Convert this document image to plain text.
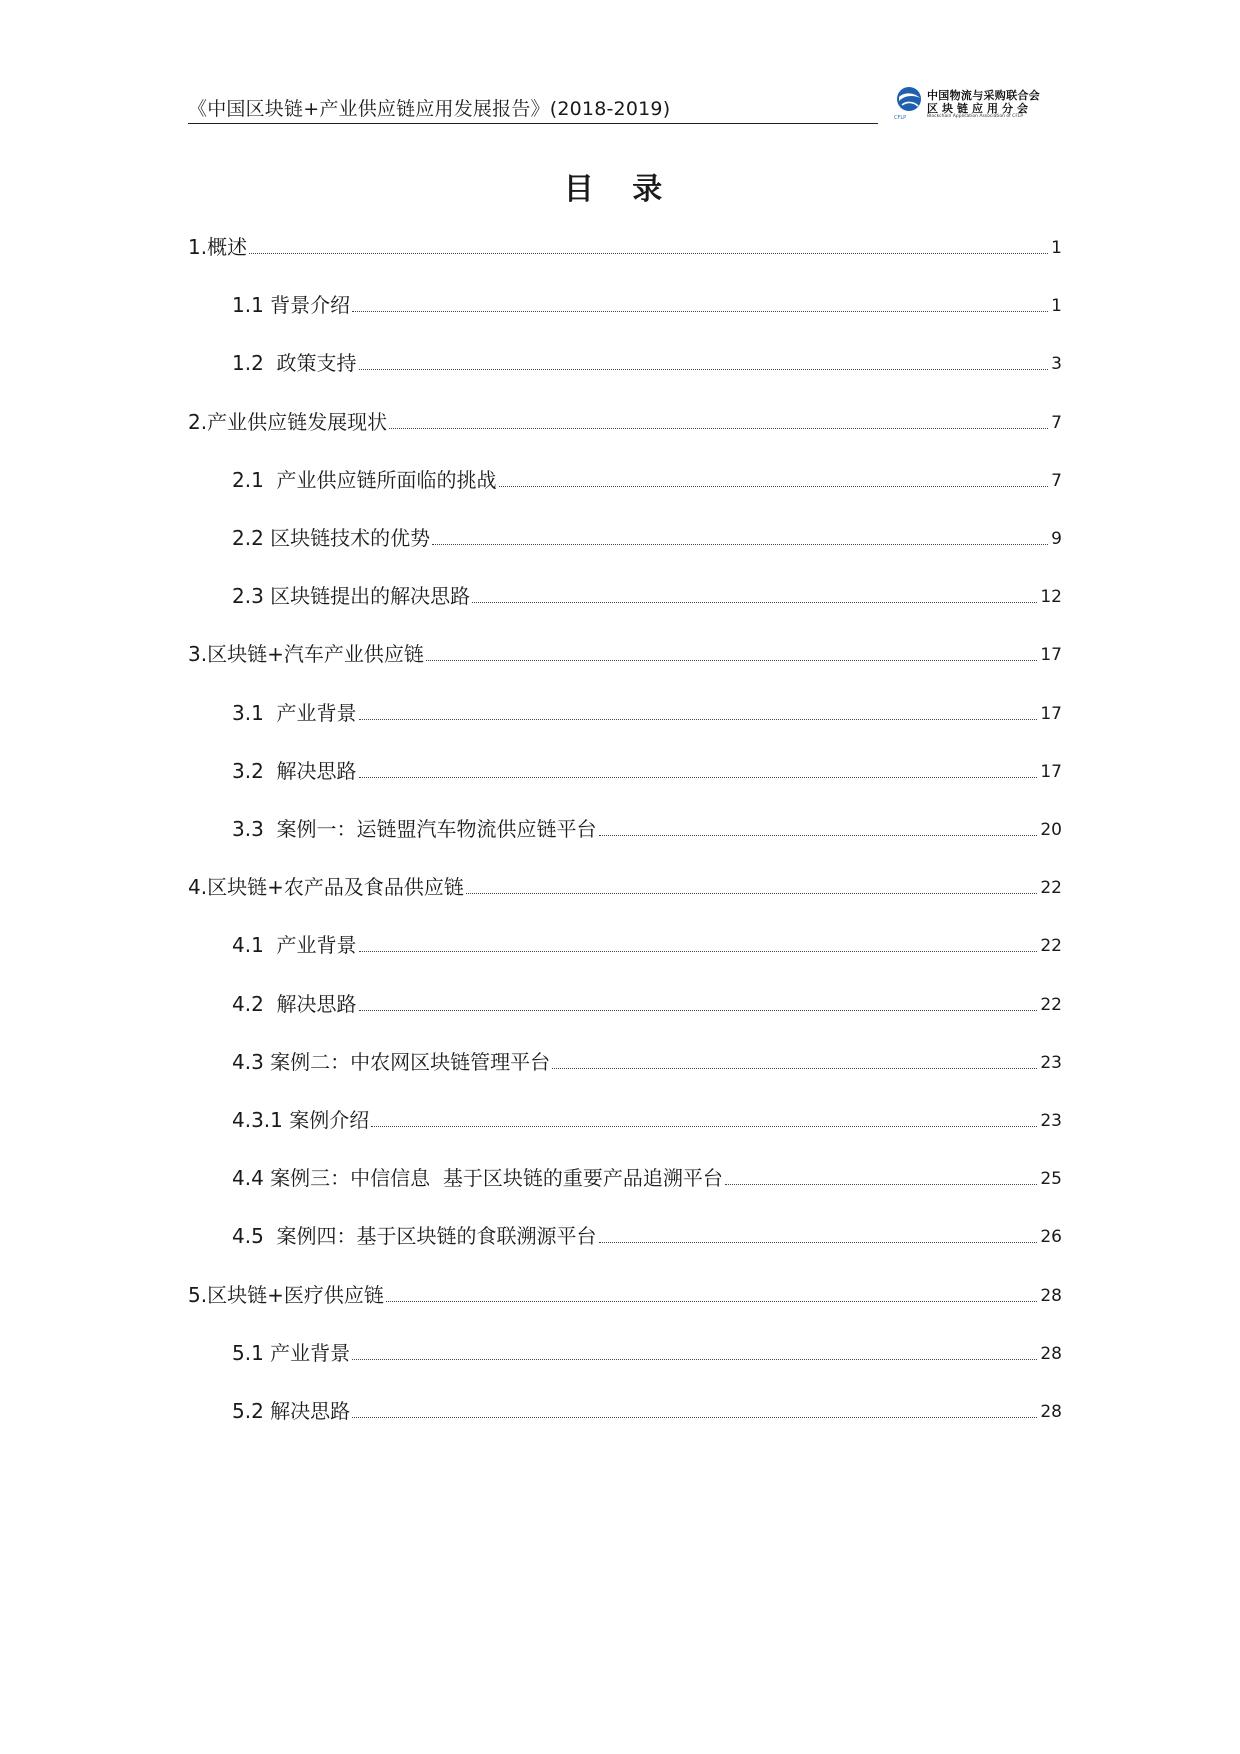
《中国区块链+产业供应链应用发展报告》(2018-2019)
中国物流与采购联合会
区块链应用分会
CFLP	Blockchain Application Association of CFLP
目 录
1.概述	1
1.1 背景介绍	1
1.2  政策支持	3
2.产业供应链发展现状	7
2.1  产业供应链所面临的挑战	7
2.2 区块链技术的优势	9
2.3 区块链提出的解决思路	12
3.区块链+汽车产业供应链	17
3.1  产业背景	17
3.2  解决思路	17
3.3  案例一：运链盟汽车物流供应链平台	20
4.区块链+农产品及食品供应链	22
4.1  产业背景	22
4.2  解决思路	22
4.3 案例二：中农网区块链管理平台	23
4.3.1 案例介绍	23
4.4 案例三：中信信息  基于区块链的重要产品追溯平台	25
4.5  案例四：基于区块链的食联溯源平台	26
5.区块链+医疗供应链	28
5.1 产业背景	28
5.2 解决思路	28
